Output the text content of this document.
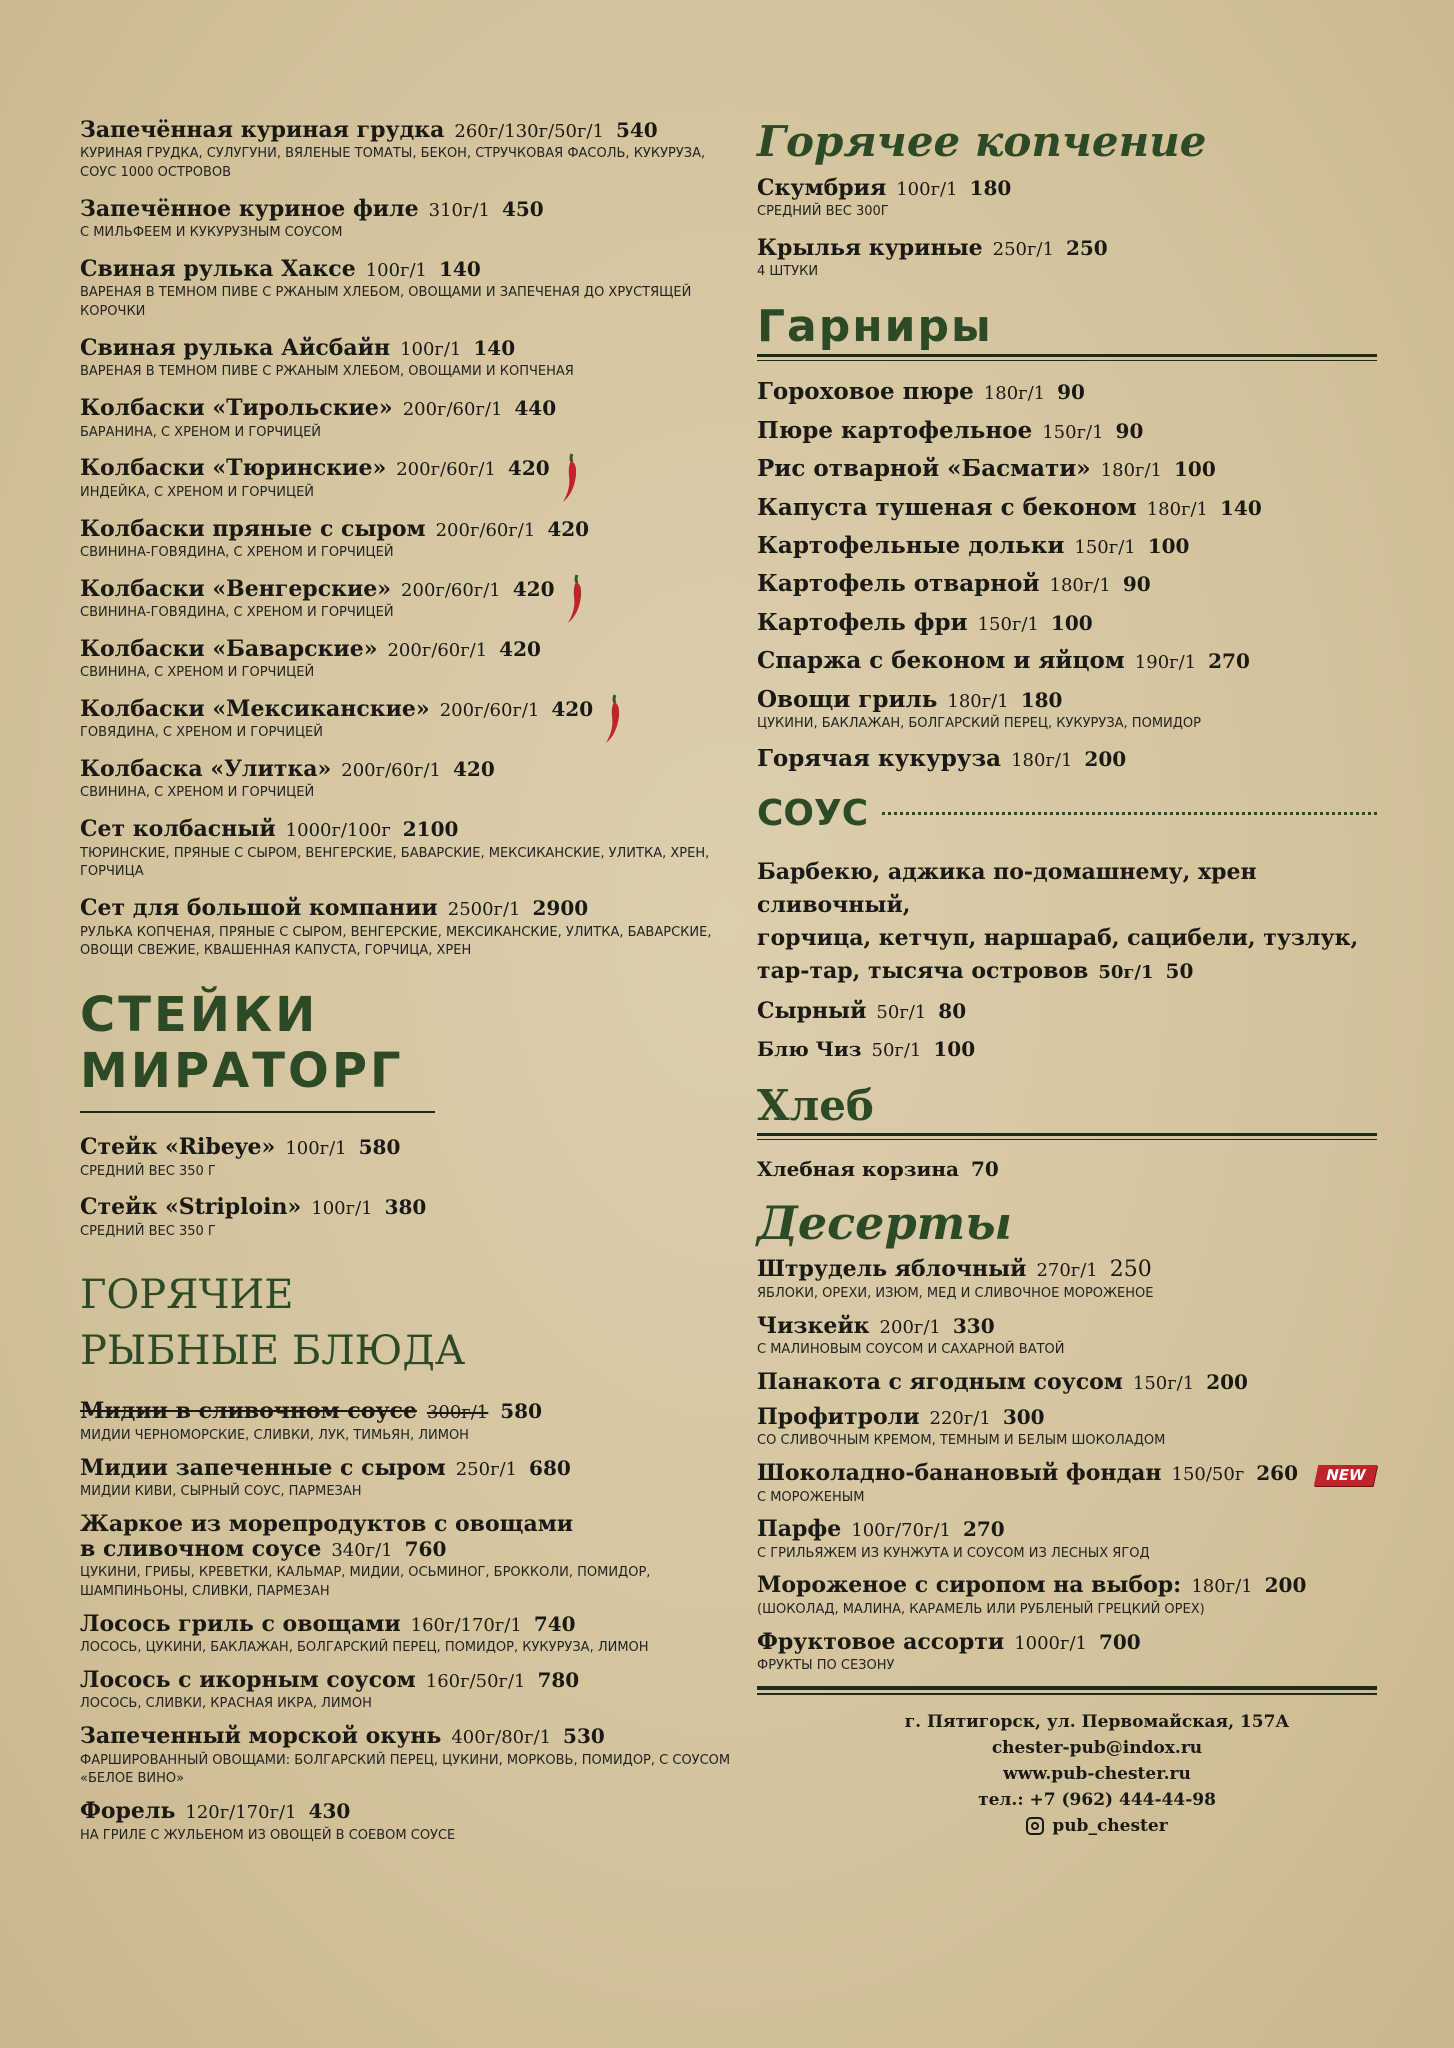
Запечённая куриная грудка 260г/130г/50г/1 540
КУРИНАЯ ГРУДКА, СУЛУГУНИ, ВЯЛЕНЫЕ ТОМАТЫ, БЕКОН, СТРУЧКОВАЯ ФАСОЛЬ, КУКУРУЗА, СОУС 1000 ОСТРОВОВ
Запечённое куриное филе 310г/1 450
С МИЛЬФЕЕМ И КУКУРУЗНЫМ СОУСОМ
Свиная рулька Хаксе 100г/1 140
ВАРЕНАЯ В ТЕМНОМ ПИВЕ С РЖАНЫМ ХЛЕБОМ, ОВОЩАМИ И ЗАПЕЧЕНАЯ ДО ХРУСТЯЩЕЙ КОРОЧКИ
Свиная рулька Айсбайн 100г/1 140
ВАРЕНАЯ В ТЕМНОМ ПИВЕ С РЖАНЫМ ХЛЕБОМ, ОВОЩАМИ И КОПЧЕНАЯ
Колбаски «Тирольские» 200г/60г/1 440
БАРАНИНА, С ХРЕНОМ И ГОРЧИЦЕЙ
Колбаски «Тюринские» 200г/60г/1 420
ИНДЕЙКА, С ХРЕНОМ И ГОРЧИЦЕЙ
Колбаски пряные с сыром 200г/60г/1 420
СВИНИНА-ГОВЯДИНА, С ХРЕНОМ И ГОРЧИЦЕЙ
Колбаски «Венгерские» 200г/60г/1 420
СВИНИНА-ГОВЯДИНА, С ХРЕНОМ И ГОРЧИЦЕЙ
Колбаски «Баварские» 200г/60г/1 420
СВИНИНА, С ХРЕНОМ И ГОРЧИЦЕЙ
Колбаски «Мексиканские» 200г/60г/1 420
ГОВЯДИНА, С ХРЕНОМ И ГОРЧИЦЕЙ
Колбаска «Улитка» 200г/60г/1 420
СВИНИНА, С ХРЕНОМ И ГОРЧИЦЕЙ
Сет колбасный 1000г/100г 2100
ТЮРИНСКИЕ, ПРЯНЫЕ С СЫРОМ, ВЕНГЕРСКИЕ, БАВАРСКИЕ, МЕКСИКАНСКИЕ, УЛИТКА, ХРЕН, ГОРЧИЦА
Сет для большой компании 2500г/1 2900
РУЛЬКА КОПЧЕНАЯ, ПРЯНЫЕ С СЫРОМ, ВЕНГЕРСКИЕ, МЕКСИКАНСКИЕ, УЛИТКА, БАВАРСКИЕ, ОВОЩИ СВЕЖИЕ, КВАШЕННАЯ КАПУСТА, ГОРЧИЦА, ХРЕН
СТЕЙКИ
МИРАТОРГ
Стейк «Ribeye» 100г/1 580
СРЕДНИЙ ВЕС 350 Г
Стейк «Striploin» 100г/1 380
СРЕДНИЙ ВЕС 350 Г
ГОРЯЧИЕ
РЫБНЫЕ БЛЮДА
Мидии в сливочном соусе 300г/1 580
МИДИИ ЧЕРНОМОРСКИЕ, СЛИВКИ, ЛУК, ТИМЬЯН, ЛИМОН
Мидии запеченные с сыром 250г/1 680
МИДИИ КИВИ, СЫРНЫЙ СОУС, ПАРМЕЗАН
Жаркое из морепродуктов с овощами
в сливочном соусе 340г/1 760
ЦУКИНИ, ГРИБЫ, КРЕВЕТКИ, КАЛЬМАР, МИДИИ, ОСЬМИНОГ, БРОККОЛИ, ПОМИДОР, ШАМПИНЬОНЫ, СЛИВКИ, ПАРМЕЗАН
Лосось гриль с овощами 160г/170г/1 740
ЛОСОСЬ, ЦУКИНИ, БАКЛАЖАН, БОЛГАРСКИЙ ПЕРЕЦ, ПОМИДОР, КУКУРУЗА, ЛИМОН
Лосось с икорным соусом 160г/50г/1 780
ЛОСОСЬ, СЛИВКИ, КРАСНАЯ ИКРА, ЛИМОН
Запеченный морской окунь 400г/80г/1 530
ФАРШИРОВАННЫЙ ОВОЩАМИ: БОЛГАРСКИЙ ПЕРЕЦ, ЦУКИНИ, МОРКОВЬ, ПОМИДОР, С СОУСОМ «БЕЛОЕ ВИНО»
Форель 120г/170г/1 430
НА ГРИЛЕ С ЖУЛЬЕНОМ ИЗ ОВОЩЕЙ В СОЕВОМ СОУСЕ
Горячее копчение
Скумбрия 100г/1 180
СРЕДНИЙ ВЕС 300Г
Крылья куриные 250г/1 250
4 ШТУКИ
Гарниры
Гороховое пюре 180г/1 90
Пюре картофельное 150г/1 90
Рис отварной «Басмати» 180г/1 100
Капуста тушеная с беконом 180г/1 140
Картофельные дольки 150г/1 100
Картофель отварной 180г/1 90
Картофель фри 150г/1 100
Спаржа с беконом и яйцом 190г/1 270
Овощи гриль 180г/1 180
ЦУКИНИ, БАКЛАЖАН, БОЛГАРСКИЙ ПЕРЕЦ, КУКУРУЗА, ПОМИДОР
Горячая кукуруза 180г/1 200
СОУС
Барбекю, аджика по-домашнему, хрен сливочный,
горчица, кетчуп, наршараб, сацибели, тузлук,
тар-тар, тысяча островов 50г/1 50
Сырный 50г/1 80
Блю Чиз 50г/1 100
Хлеб
Хлебная корзина 70
Десерты
Штрудель яблочный 270г/1 250
ЯБЛОКИ, ОРЕХИ, ИЗЮМ, МЕД И СЛИВОЧНОЕ МОРОЖЕНОЕ
Чизкейк 200г/1 330
С МАЛИНОВЫМ СОУСОМ И САХАРНОЙ ВАТОЙ
Панакота с ягодным соусом 150г/1 200
Профитроли 220г/1 300
СО СЛИВОЧНЫМ КРЕМОМ, ТЕМНЫМ И БЕЛЫМ ШОКОЛАДОМ
Шоколадно-банановый фондан 150/50г 260 NEW
С МОРОЖЕНЫМ
Парфе 100г/70г/1 270
С ГРИЛЬЯЖЕМ ИЗ КУНЖУТА И СОУСОМ ИЗ ЛЕСНЫХ ЯГОД
Мороженое с сиропом на выбор: 180г/1 200
(ШОКОЛАД, МАЛИНА, КАРАМЕЛЬ ИЛИ РУБЛЕНЫЙ ГРЕЦКИЙ ОРЕХ)
Фруктовое ассорти 1000г/1 700
ФРУКТЫ ПО СЕЗОНУ
г. Пятигорск, ул. Первомайская, 157А
chester-pub@indox.ru
www.pub-chester.ru
тел.: +7 (962) 444-44-98
pub_chester
